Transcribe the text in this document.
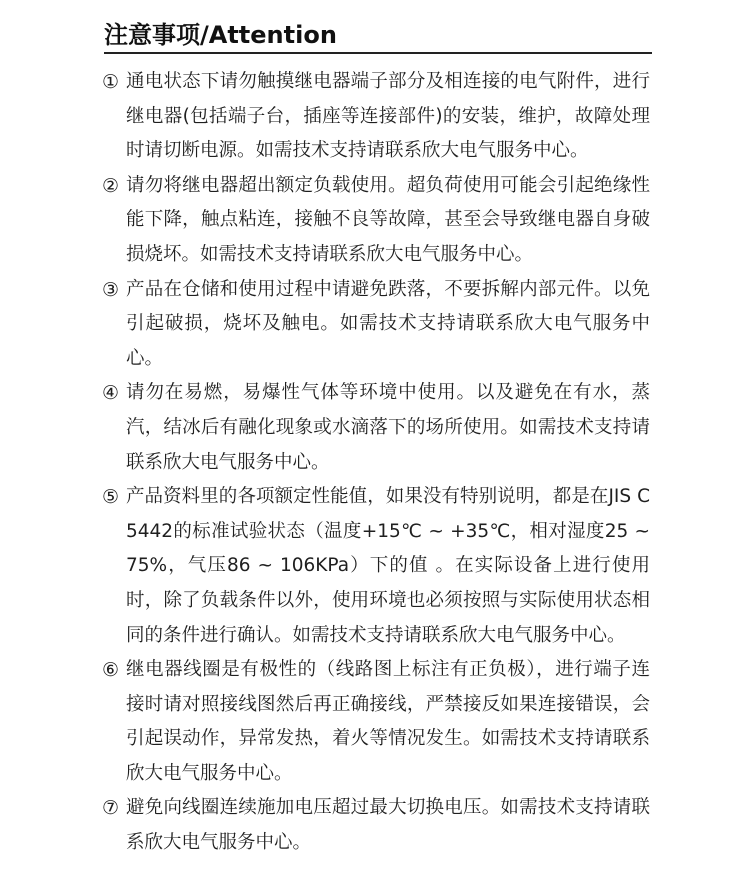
注意事项/Attention
① 通电状态下请勿触摸继电器端子部分及相连接的电气附件，进行继电器(包括端子台，插座等连接部件)的安装，维护，故障处理时请切断电源。如需技术支持请联系欣大电气服务中心。
② 请勿将继电器超出额定负载使用。超负荷使用可能会引起绝缘性能下降，触点粘连，接触不良等故障，甚至会导致继电器自身破损烧坏。如需技术支持请联系欣大电气服务中心。
③ 产品在仓储和使用过程中请避免跌落，不要拆解内部元件。以免引起破损，烧坏及触电。如需技术支持请联系欣大电气服务中心。
④ 请勿在易燃，易爆性气体等环境中使用。以及避免在有水，蒸汽，结冰后有融化现象或水滴落下的场所使用。如需技术支持请联系欣大电气服务中心。
⑤ 产品资料里的各项额定性能值，如果没有特别说明，都是在JIS C5442的标准试验状态（温度+15℃ ~ +35℃，相对湿度25 ~ 75%，气压86 ~ 106KPa）下的值 。在实际设备上进行使用时，除了负载条件以外，使用环境也必须按照与实际使用状态相同的条件进行确认。如需技术支持请联系欣大电气服务中心。
⑥ 继电器线圈是有极性的（线路图上标注有正负极），进行端子连接时请对照接线图然后再正确接线，严禁接反如果连接错误，会引起误动作，异常发热，着火等情况发生。如需技术支持请联系欣大电气服务中心。
⑦ 避免向线圈连续施加电压超过最大切换电压。如需技术支持请联系欣大电气服务中心。
